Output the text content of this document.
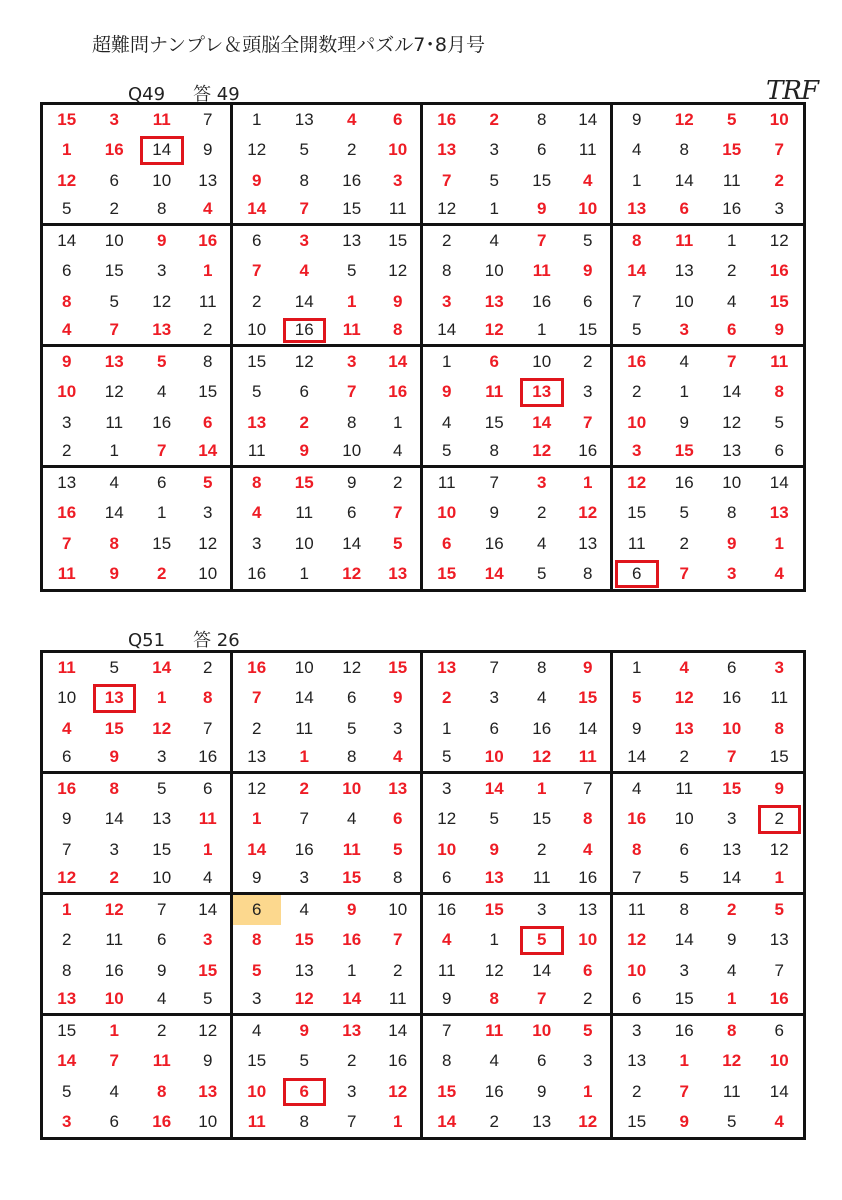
超難問ナンプレ＆頭脳全開数理パズル7･8月号
TRF
Q49 答 49
15	3	11	7	1	13	4	6	16	2	8	14	9	12	5	10
1	16	14	9	12	5	2	10	13	3	6	11	4	8	15	7
12	6	10	13	9	8	16	3	7	5	15	4	1	14	11	2
5	2	8	4	14	7	15	11	12	1	9	10	13	6	16	3
14	10	9	16	6	3	13	15	2	4	7	5	8	11	1	12
6	15	3	1	7	4	5	12	8	10	11	9	14	13	2	16
8	5	12	11	2	14	1	9	3	13	16	6	7	10	4	15
4	7	13	2	10	16	11	8	14	12	1	15	5	3	6	9
9	13	5	8	15	12	3	14	1	6	10	2	16	4	7	11
10	12	4	15	5	6	7	16	9	11	13	3	2	1	14	8
3	11	16	6	13	2	8	1	4	15	14	7	10	9	12	5
2	1	7	14	11	9	10	4	5	8	12	16	3	15	13	6
13	4	6	5	8	15	9	2	11	7	3	1	12	16	10	14
16	14	1	3	4	11	6	7	10	9	2	12	15	5	8	13
7	8	15	12	3	10	14	5	6	16	4	13	11	2	9	1
11	9	2	10	16	1	12	13	15	14	5	8	6	7	3	4
Q51 答 26
11	5	14	2	16	10	12	15	13	7	8	9	1	4	6	3
10	13	1	8	7	14	6	9	2	3	4	15	5	12	16	11
4	15	12	7	2	11	5	3	1	6	16	14	9	13	10	8
6	9	3	16	13	1	8	4	5	10	12	11	14	2	7	15
16	8	5	6	12	2	10	13	3	14	1	7	4	11	15	9
9	14	13	11	1	7	4	6	12	5	15	8	16	10	3	2
7	3	15	1	14	16	11	5	10	9	2	4	8	6	13	12
12	2	10	4	9	3	15	8	6	13	11	16	7	5	14	1
1	12	7	14	6	4	9	10	16	15	3	13	11	8	2	5
2	11	6	3	8	15	16	7	4	1	5	10	12	14	9	13
8	16	9	15	5	13	1	2	11	12	14	6	10	3	4	7
13	10	4	5	3	12	14	11	9	8	7	2	6	15	1	16
15	1	2	12	4	9	13	14	7	11	10	5	3	16	8	6
14	7	11	9	15	5	2	16	8	4	6	3	13	1	12	10
5	4	8	13	10	6	3	12	15	16	9	1	2	7	11	14
3	6	16	10	11	8	7	1	14	2	13	12	15	9	5	4
